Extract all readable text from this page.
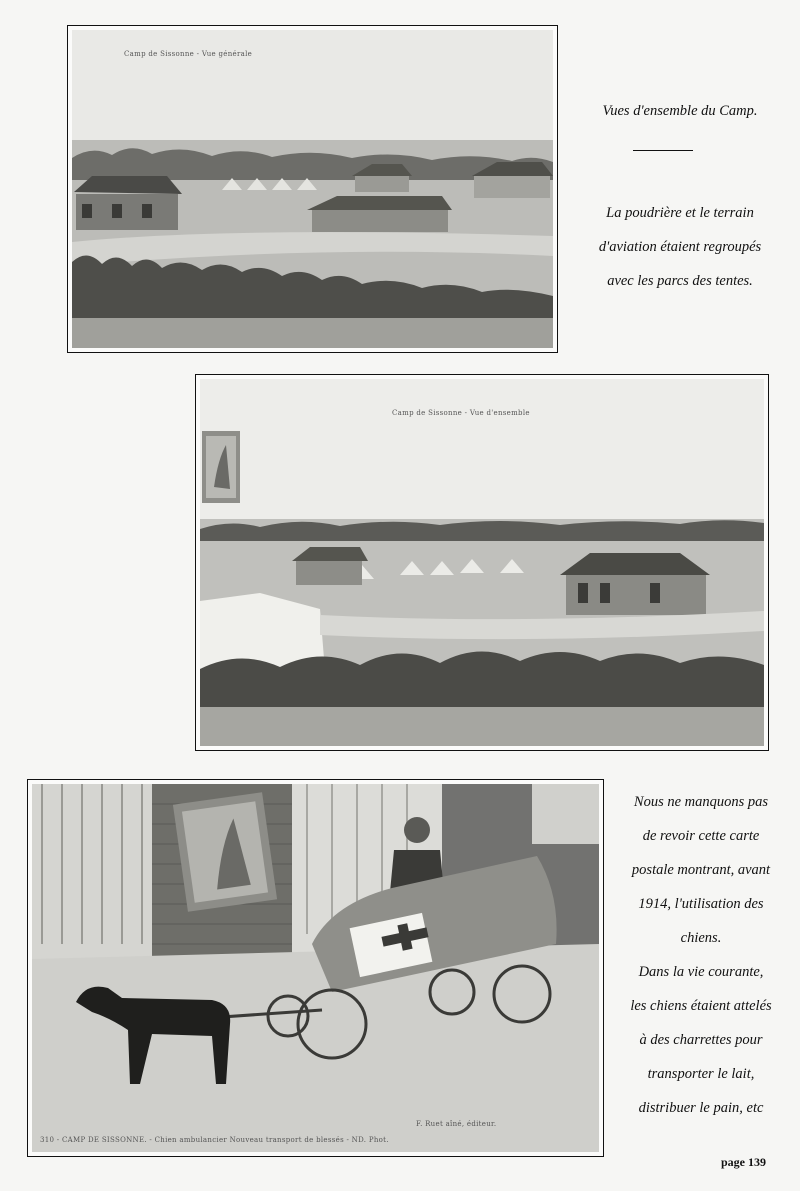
Camp de Sissonne - Vue générale

Vues d'ensemble du Camp.

La poudrière et le terrain

d'aviation étaient regroupés

avec les parcs des tentes.

Camp de Sissonne - Vue d'ensemble
310 - CAMP DE SISSONNE. - Chien ambulancier Nouveau transport de blessés - ND. Phot.
F. Ruet aîné, éditeur.

Nous ne manquons pas

de revoir cette carte

postale montrant, avant

1914, l'utilisation des

chiens.

Dans la vie courante,

les chiens étaient attelés

à des charrettes pour

transporter le lait,

distribuer le pain, etc

page 139
